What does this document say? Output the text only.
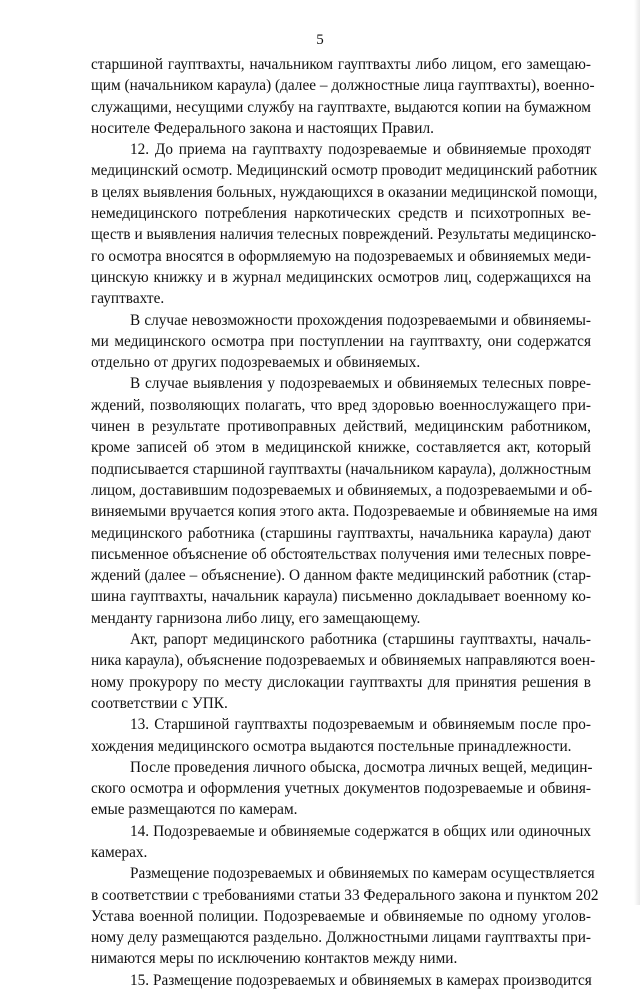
5
старшиной гауптвахты, начальником гауптвахты либо лицом, его замещаю-
щим (начальником караула) (далее – должностные лица гауптвахты), военно-
служащими, несущими службу на гауптвахте, выдаются копии на бумажном
носителе Федерального закона и настоящих Правил.
12. До приема на гауптвахту подозреваемые и обвиняемые проходят
медицинский осмотр. Медицинский осмотр проводит медицинский работник
в целях выявления больных, нуждающихся в оказании медицинской помощи,
немедицинского потребления наркотических средств и психотропных ве-
ществ и выявления наличия телесных повреждений. Результаты медицинско-
го осмотра вносятся в оформляемую на подозреваемых и обвиняемых меди-
цинскую книжку и в журнал медицинских осмотров лиц, содержащихся на
гауптвахте.
В случае невозможности прохождения подозреваемыми и обвиняемы-
ми медицинского осмотра при поступлении на гауптвахту, они содержатся
отдельно от других подозреваемых и обвиняемых.
В случае выявления у подозреваемых и обвиняемых телесных повре-
ждений, позволяющих полагать, что вред здоровью военнослужащего при-
чинен в результате противоправных действий, медицинским работником,
кроме записей об этом в медицинской книжке, составляется акт, который
подписывается старшиной гауптвахты (начальником караула), должностным
лицом, доставившим подозреваемых и обвиняемых, а подозреваемыми и об-
виняемыми вручается копия этого акта. Подозреваемые и обвиняемые на имя
медицинского работника (старшины гауптвахты, начальника караула) дают
письменное объяснение об обстоятельствах получения ими телесных повре-
ждений (далее – объяснение). О данном факте медицинский работник (стар-
шина гауптвахты, начальник караула) письменно докладывает военному ко-
менданту гарнизона либо лицу, его замещающему.
Акт, рапорт медицинского работника (старшины гауптвахты, началь-
ника караула), объяснение подозреваемых и обвиняемых направляются воен-
ному прокурору по месту дислокации гауптвахты для принятия решения в
соответствии с УПК.
13. Старшиной гауптвахты подозреваемым и обвиняемым после про-
хождения медицинского осмотра выдаются постельные принадлежности.
После проведения личного обыска, досмотра личных вещей, медицин-
ского осмотра и оформления учетных документов подозреваемые и обвиня-
емые размещаются по камерам.
14. Подозреваемые и обвиняемые содержатся в общих или одиночных
камерах.
Размещение подозреваемых и обвиняемых по камерам осуществляется
в соответствии с требованиями статьи 33 Федерального закона и пунктом 202
Устава военной полиции. Подозреваемые и обвиняемые по одному уголов-
ному делу размещаются раздельно. Должностными лицами гауптвахты при-
нимаются меры по исключению контактов между ними.
15. Размещение подозреваемых и обвиняемых в камерах производится
